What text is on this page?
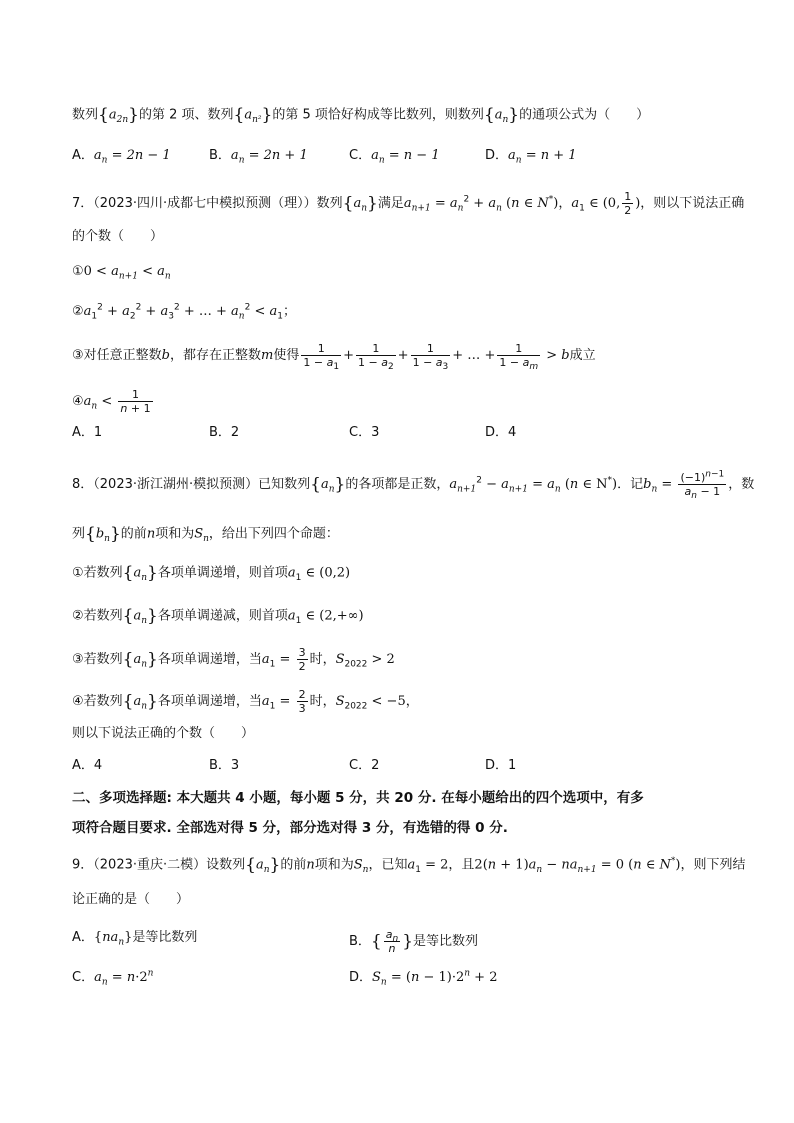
数列$\{a_{2n}\}$的第 2 项、数列$\{a_{n^2}\}$的第 5 项恰好构成等比数列，则数列$\{a_n\}$的通项公式为（　　）
A．$a_n = 2n - 1$	B．$a_n = 2n + 1$	C．$a_n = n - 1$	D．$a_n = n + 1$
7．（2023·四川·成都七中模拟预测（理））数列$\{a_n\}$满足$a_{n+1} = a_n^2 + a_n$ (n ∈ N*)，$a_1$ ∈ (0, $\frac{1}{2}$ )，则以下说法正确
的个数（　　）
①0 < $a_{n+1} < a_n$
$②a_1^2 + a_2^2 + a_3^2$ + … + $a_n^2 < a_1$；
③对任意正整数b，都存在正整数m使得 $\frac{1}{1 - a_1} + \frac{1}{1 - a_2} + \frac{1}{1 - a_3}$ + … + $\frac{1}{1 - a_m} > b$成立
$④a_n < \frac{1}{n + 1}$
A．1	B．2	C．3	D．4
8．（2023·浙江湖州·模拟预测）已知数列$\{a_n\}$的各项都是正数，$a_{n+1}^2 - a_{n+1} = a_n$ (n ∈ N*)．记$b_n = \frac{(-1)^{n-1}}{a_n - 1}$ ，数
列$\{b_n\}$的前n项和为$S_n$，给出下列四个命题：
①若数列$\{a_n\}$各项单调递增，则首项$a_1$ ∈ (0,2)
②若数列$\{a_n\}$各项单调递减，则首项$a_1$ ∈ (2,+∞)
③若数列$\{a_n\}$各项单调递增，当$a_1 = \frac{3}{2}$ 时，$S_{2022} > 2$
④若数列$\{a_n\}$各项单调递增，当$a_1 = \frac{2}{3}$ 时，$S_{2022} < -5$，
则以下说法正确的个数（　　）
A．4	B．3	C．2	D．1
二、多项选择题: 本大题共 4 小题，每小题 5 分，共 20 分. 在每小题给出的四个选项中，有多
项符合题目要求. 全部选对得 5 分，部分选对得 3 分，有选错的得 0 分.
9．（2023·重庆·二模）设数列$\{a_n\}$的前n项和为$S_n$，已知$a_1 = 2$，且$2(n + 1)a_n - na_{n+1} = 0$ (n ∈ N*)，则下列结
论正确的是（　　）
A．$\{na_n\}$是等比数列	B．{ $\frac{a_n}{n}$ }是等比数列
C．$a_n = n\cdot 2^n$	D．$S_n = (n - 1)\cdot 2^n + 2$
